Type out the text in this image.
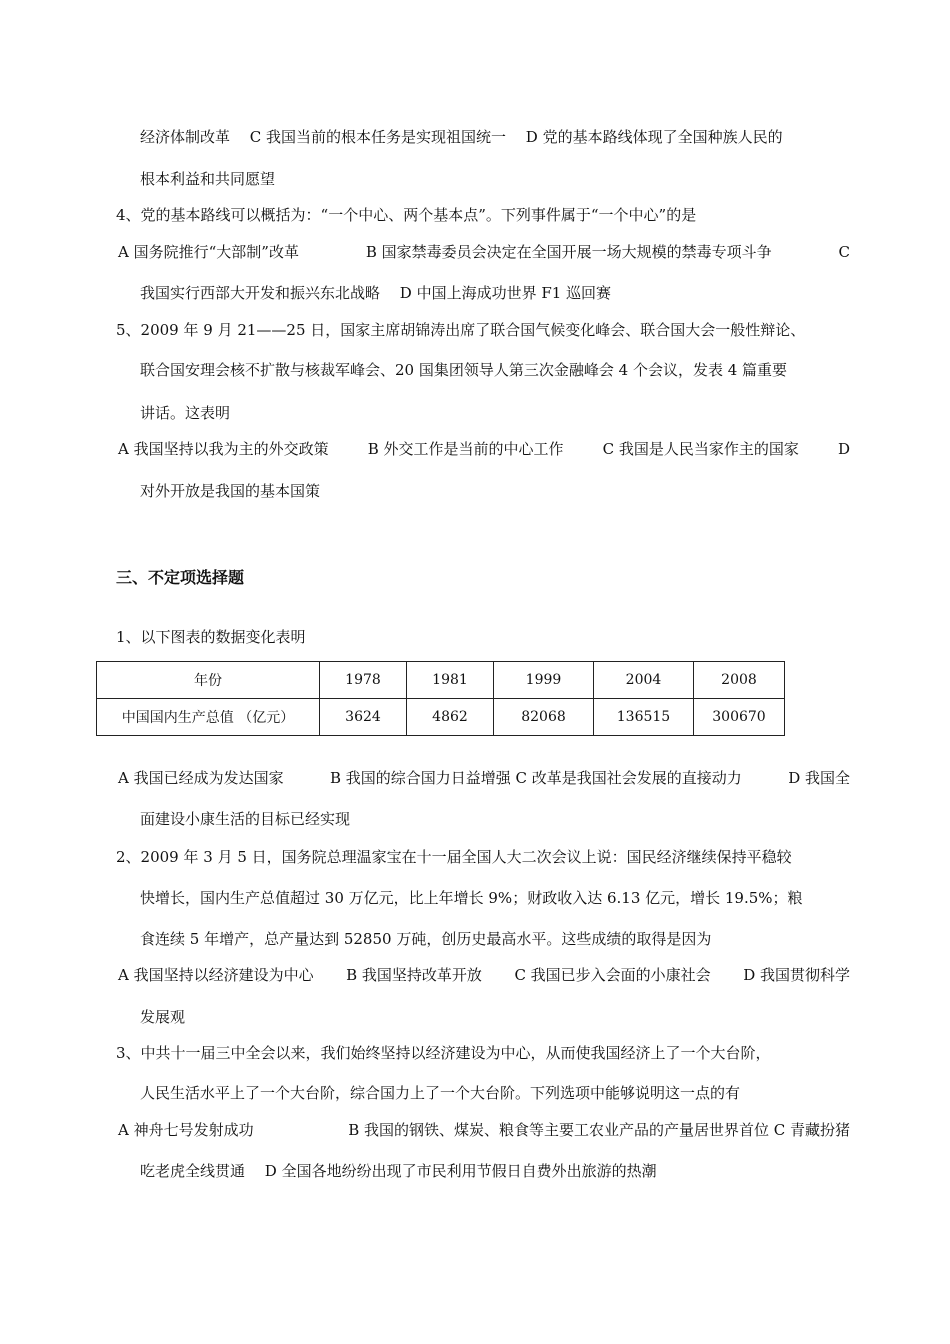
经济体制改革　 C 我国当前的根本任务是实现祖国统一　 D 党的基本路线体现了全国种族人民的
根本利益和共同愿望
4、党的基本路线可以概括为：“一个中心、两个基本点”。下列事件属于“一个中心”的是
A 国务院推行“大部制”改革	B 国家禁毒委员会决定在全国开展一场大规模的禁毒专项斗争	C
我国实行西部大开发和振兴东北战略　 D 中国上海成功世界 F1 巡回赛
5、2009 年 9 月 21——25 日，国家主席胡锦涛出席了联合国气候变化峰会、联合国大会一般性辩论、
联合国安理会核不扩散与核裁军峰会、20 国集团领导人第三次金融峰会 4 个会议，发表 4 篇重要
讲话。这表明
A 我国坚持以我为主的外交政策	B 外交工作是当前的中心工作	C 我国是人民当家作主的国家	D
对外开放是我国的基本国策
三、不定项选择题
1、以下图表的数据变化表明
年份	1978	1981	1999	2004	2008
中国国内生产总值 （亿元）	3624	4862	82068	136515	300670
A 我国已经成为发达国家	B 我国的综合国力日益增强 C 改革是我国社会发展的直接动力	D 我国全
面建设小康生活的目标已经实现
2、2009 年 3 月 5 日，国务院总理温家宝在十一届全国人大二次会议上说：国民经济继续保持平稳较
快增长，国内生产总值超过 30 万亿元，比上年增长 9%；财政收入达 6.13 亿元，增长 19.5%；粮
食连续 5 年增产，总产量达到 52850 万砘，创历史最高水平。这些成绩的取得是因为
A 我国坚持以经济建设为中心 B 我国坚持改革开放 C 我国已步入会面的小康社会 D 我国贯彻科学
发展观
3、中共十一届三中全会以来，我们始终坚持以经济建设为中心，从而使我国经济上了一个大台阶，
人民生活水平上了一个大台阶，综合国力上了一个大台阶。下列选项中能够说明这一点的有
A 神舟七号发射成功	B 我国的钢铁、煤炭、粮食等主要工农业产品的产量居世界首位 C 青藏扮猪
吃老虎全线贯通　 D 全国各地纷纷出现了市民利用节假日自费外出旅游的热潮
